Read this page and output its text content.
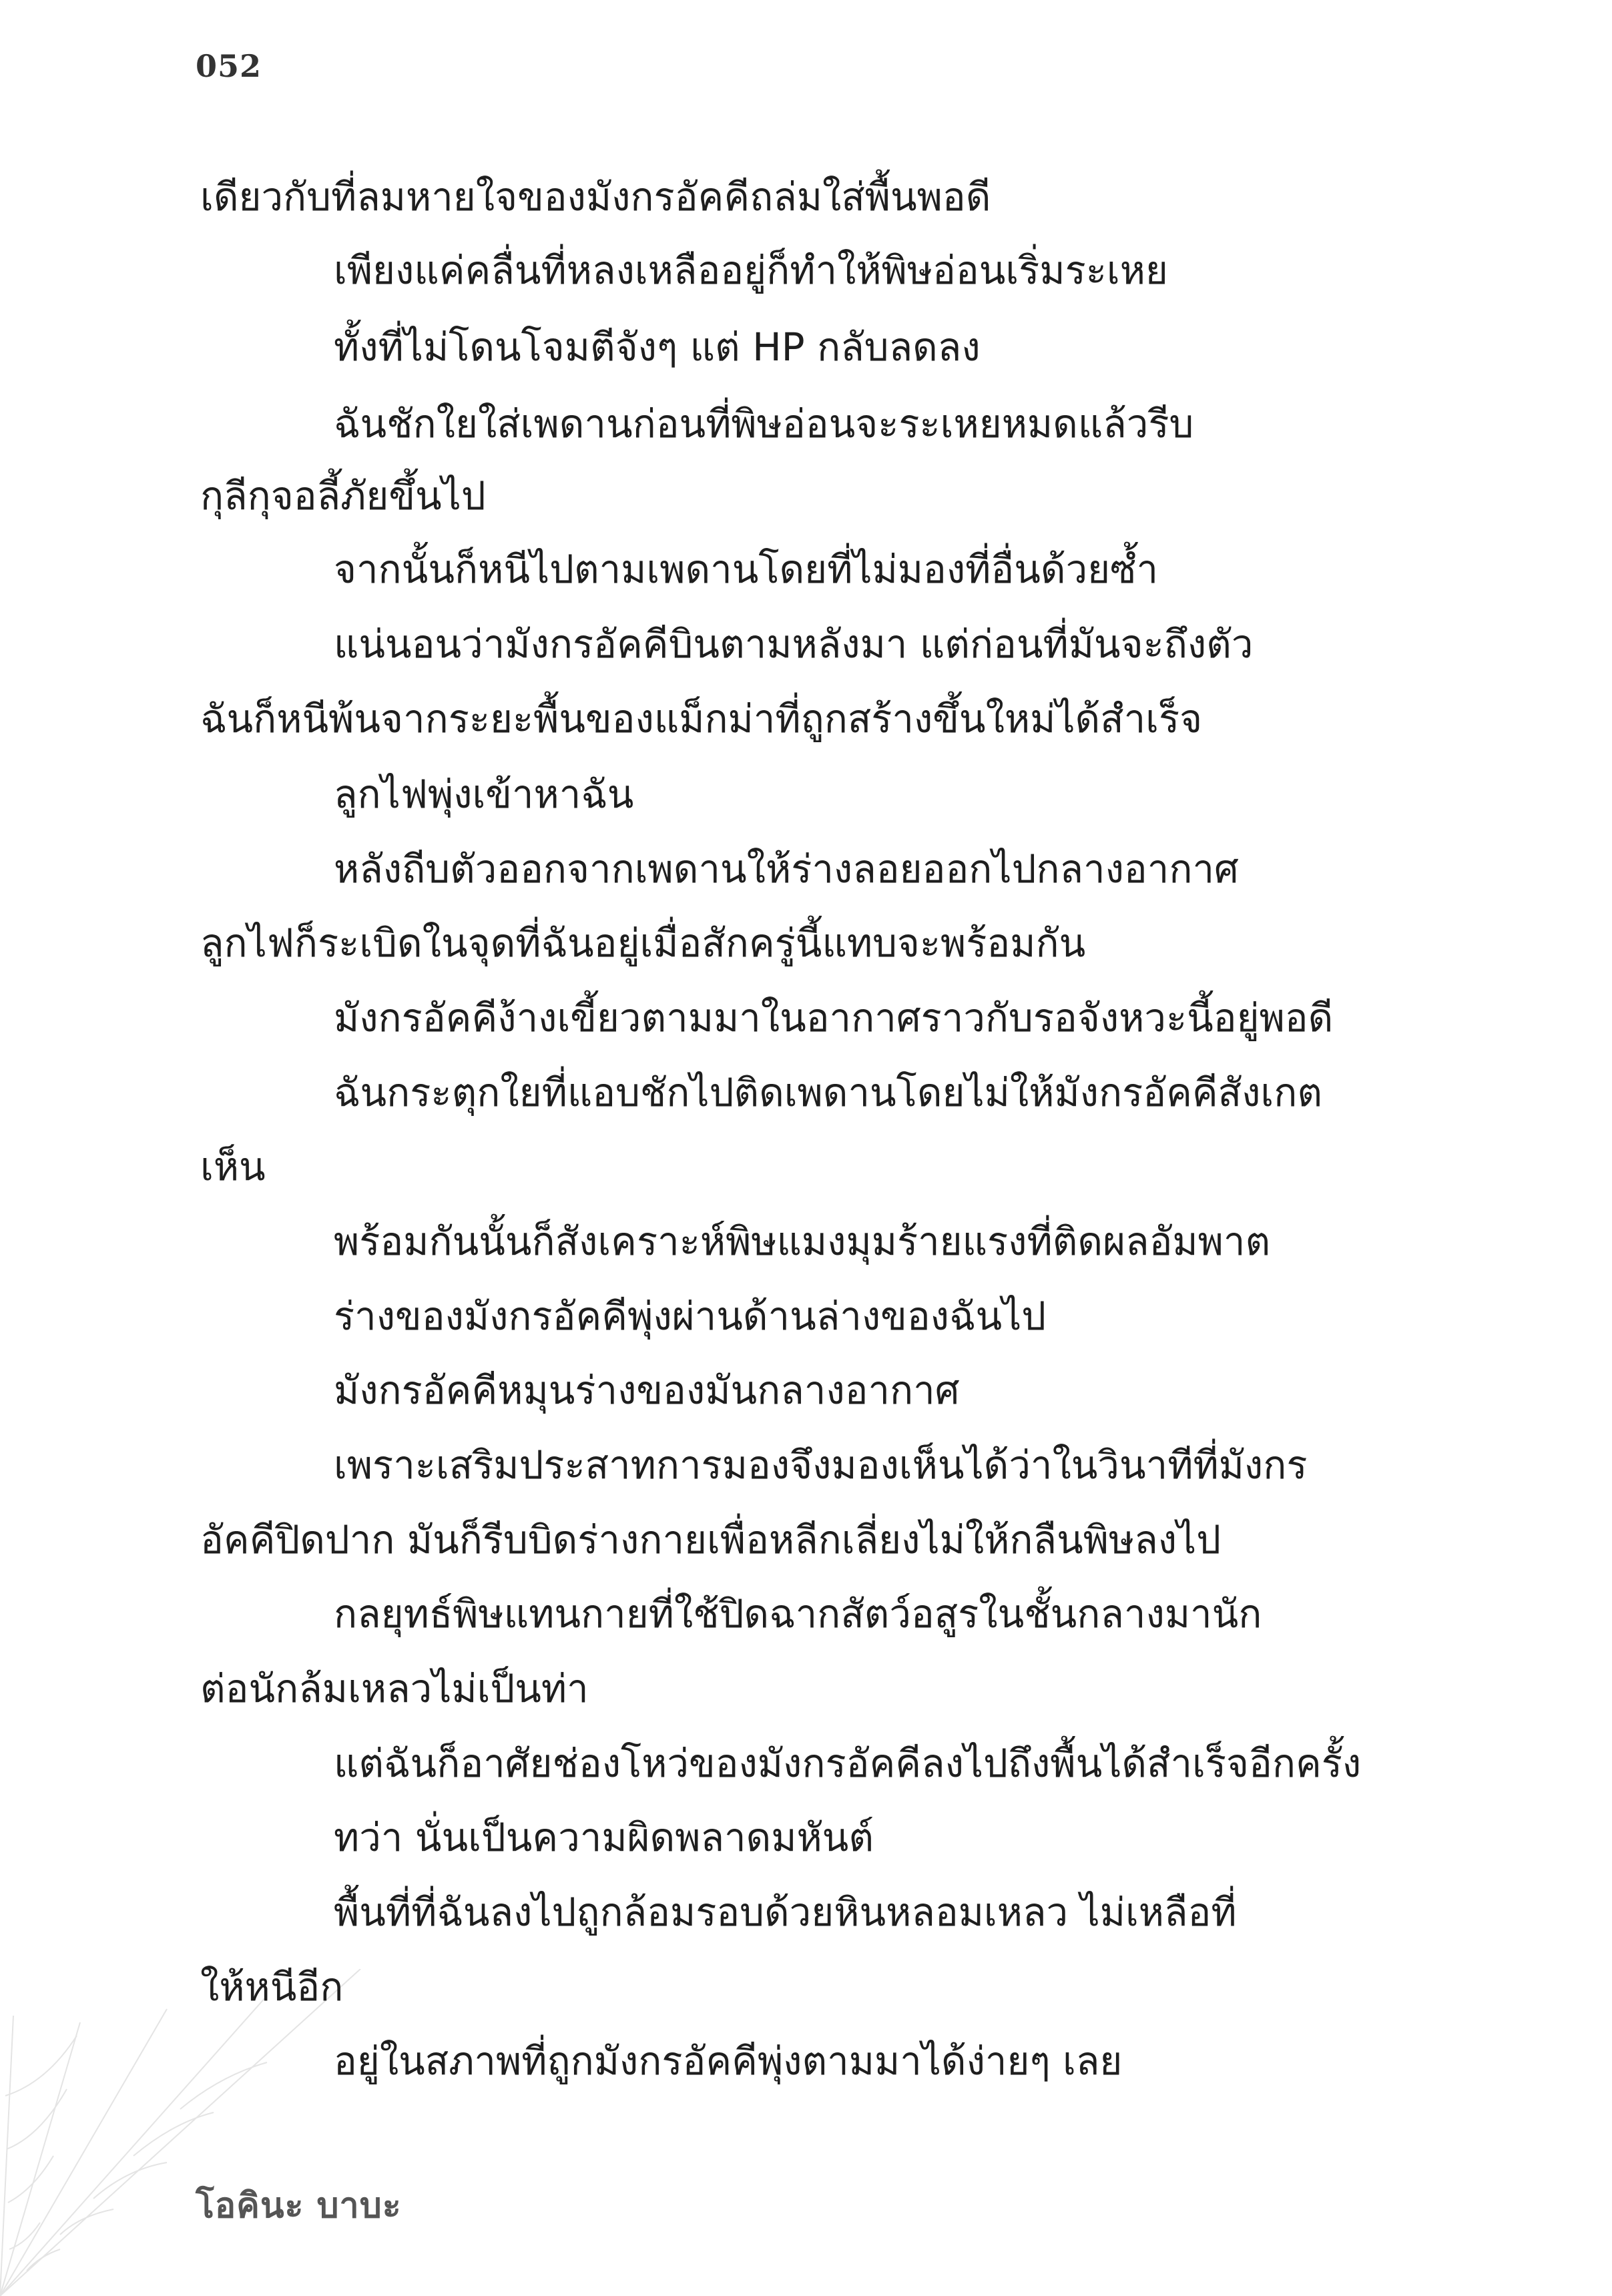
052
เดียวกับที่ลมหายใจของมังกรอัคคีถล่มใส่พื้นพอดี
เพียงแค่คลื่นที่หลงเหลืออยู่ก็ทำให้พิษอ่อนเริ่มระเหย
ทั้งที่ไม่โดนโจมตีจังๆ แต่ HP กลับลดลง
ฉันชักใยใส่เพดานก่อนที่พิษอ่อนจะระเหยหมดแล้วรีบ
กุลีกุจอลี้ภัยขึ้นไป
จากนั้นก็หนีไปตามเพดานโดยที่ไม่มองที่อื่นด้วยซ้ำ
แน่นอนว่ามังกรอัคคีบินตามหลังมา แต่ก่อนที่มันจะถึงตัว
ฉันก็หนีพ้นจากระยะพื้นของแม็กม่าที่ถูกสร้างขึ้นใหม่ได้สำเร็จ
ลูกไฟพุ่งเข้าหาฉัน
หลังถีบตัวออกจากเพดานให้ร่างลอยออกไปกลางอากาศ
ลูกไฟก็ระเบิดในจุดที่ฉันอยู่เมื่อสักครู่นี้แทบจะพร้อมกัน
มังกรอัคคีง้างเขี้ยวตามมาในอากาศราวกับรอจังหวะนี้อยู่พอดี
ฉันกระตุกใยที่แอบชักไปติดเพดานโดยไม่ให้มังกรอัคคีสังเกต
เห็น
พร้อมกันนั้นก็สังเคราะห์พิษแมงมุมร้ายแรงที่ติดผลอัมพาต
ร่างของมังกรอัคคีพุ่งผ่านด้านล่างของฉันไป
มังกรอัคคีหมุนร่างของมันกลางอากาศ
เพราะเสริมประสาทการมองจึงมองเห็นได้ว่าในวินาทีที่มังกร
อัคคีปิดปาก มันก็รีบบิดร่างกายเพื่อหลีกเลี่ยงไม่ให้กลืนพิษลงไป
กลยุทธ์พิษแทนกายที่ใช้ปิดฉากสัตว์อสูรในชั้นกลางมานัก
ต่อนักล้มเหลวไม่เป็นท่า
แต่ฉันก็อาศัยช่องโหว่ของมังกรอัคคีลงไปถึงพื้นได้สำเร็จอีกครั้ง
ทว่า นั่นเป็นความผิดพลาดมหันต์
พื้นที่ที่ฉันลงไปถูกล้อมรอบด้วยหินหลอมเหลว ไม่เหลือที่
ให้หนีอีก
อยู่ในสภาพที่ถูกมังกรอัคคีพุ่งตามมาได้ง่ายๆ เลย
โอคินะ บาบะ
